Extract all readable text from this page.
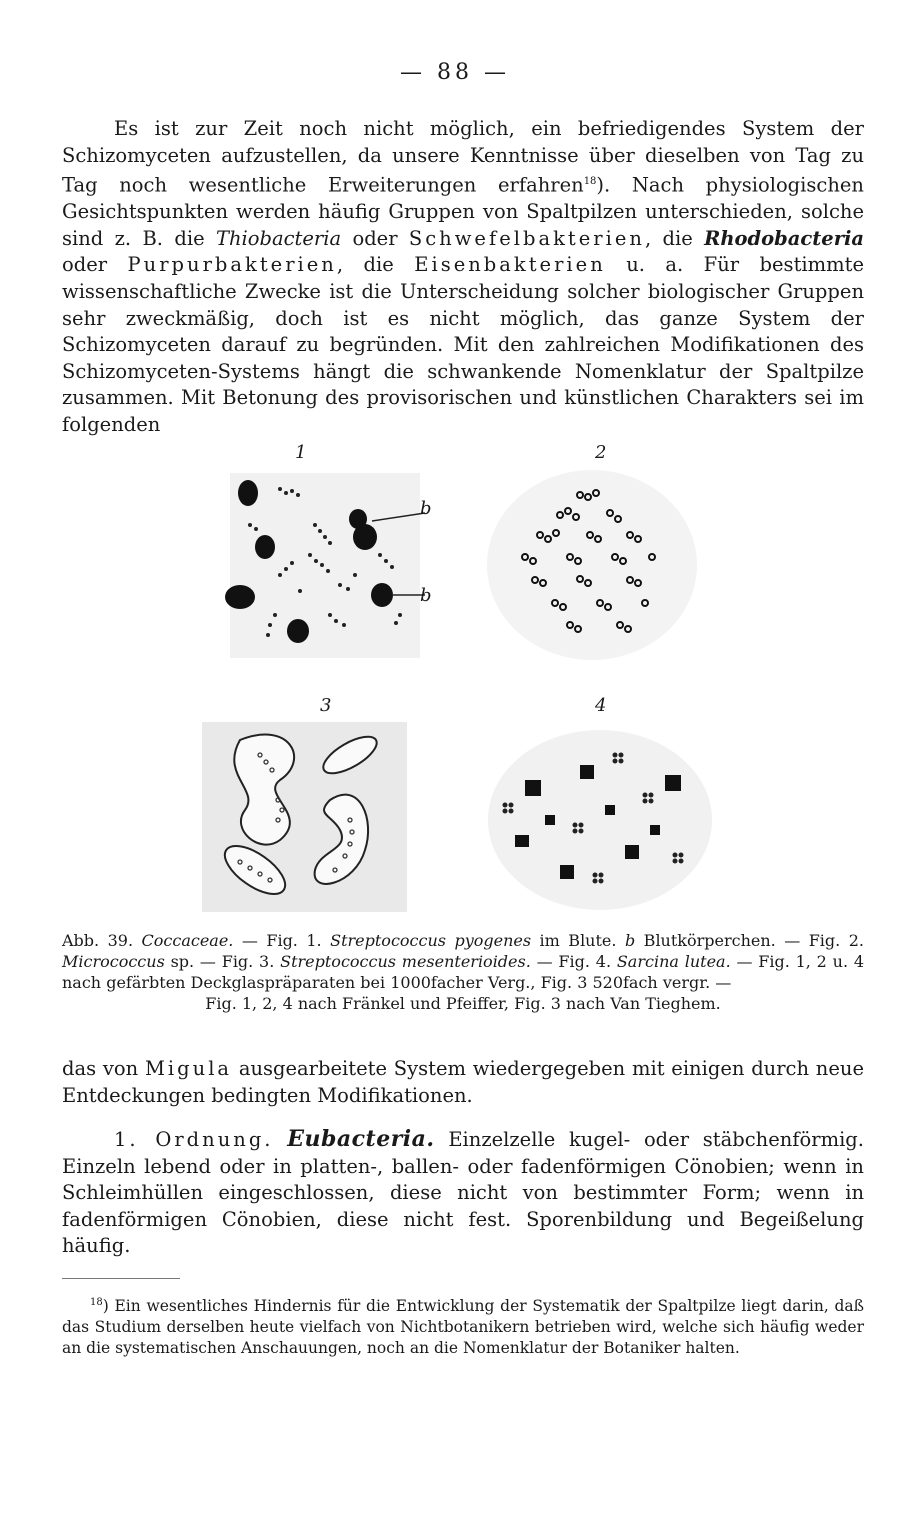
— 88 —
Es ist zur Zeit noch nicht möglich, ein befriedigendes System der Schizomyceten aufzustellen, da unsere Kenntnisse über dieselben von Tag zu Tag noch wesentliche Erweiterungen erfahren$^{18}$). Nach physiologischen Gesichtspunkten werden häufig Gruppen von Spaltpilzen unterschieden, solche sind z. B. die Thiobacteria oder Schwefelbakterien, die Rhodobacteria oder Purpurbakterien, die Eisenbakterien u. a. Für bestimmte wissenschaftliche Zwecke ist die Unterscheidung solcher biologischer Gruppen sehr zweckmäßig, doch ist es nicht möglich, das ganze System der Schizomyceten darauf zu begründen. Mit den zahlreichen Modifikationen des Schizomyceten-Systems hängt die schwankende Nomenklatur der Spaltpilze zusammen. Mit Betonung des provisorischen und künstlichen Charakters sei im folgenden
1
b
b
2
3	4
Abb. 39. Coccaceae. — Fig. 1. Streptococcus pyogenes im Blute. b Blutkörperchen. — Fig. 2. Micrococcus sp. — Fig. 3. Streptococcus mesenterioides. — Fig. 4. Sarcina lutea. — Fig. 1, 2 u. 4 nach gefärbten Deckglaspräparaten bei 1000facher Verg., Fig. 3 520fach vergr. —
Fig. 1, 2, 4 nach Fränkel und Pfeiffer, Fig. 3 nach Van Tieghem.
das von Migula ausgearbeitete System wiedergegeben mit einigen durch neue Entdeckungen bedingten Modifikationen.
1. Ordnung. Eubacteria. Einzelzelle kugel- oder stäbchenförmig. Einzeln lebend oder in platten-, ballen- oder fadenförmigen Cönobien; wenn in Schleimhüllen eingeschlossen, diese nicht von bestimmter Form; wenn in fadenförmigen Cönobien, diese nicht fest. Sporenbildung und Begeißelung häufig.
$^{18}$) Ein wesentliches Hindernis für die Entwicklung der Systematik der Spaltpilze liegt darin, daß das Studium derselben heute vielfach von Nichtbotanikern betrieben wird, welche sich häufig weder an die systematischen Anschauungen, noch an die Nomenklatur der Botaniker halten.
